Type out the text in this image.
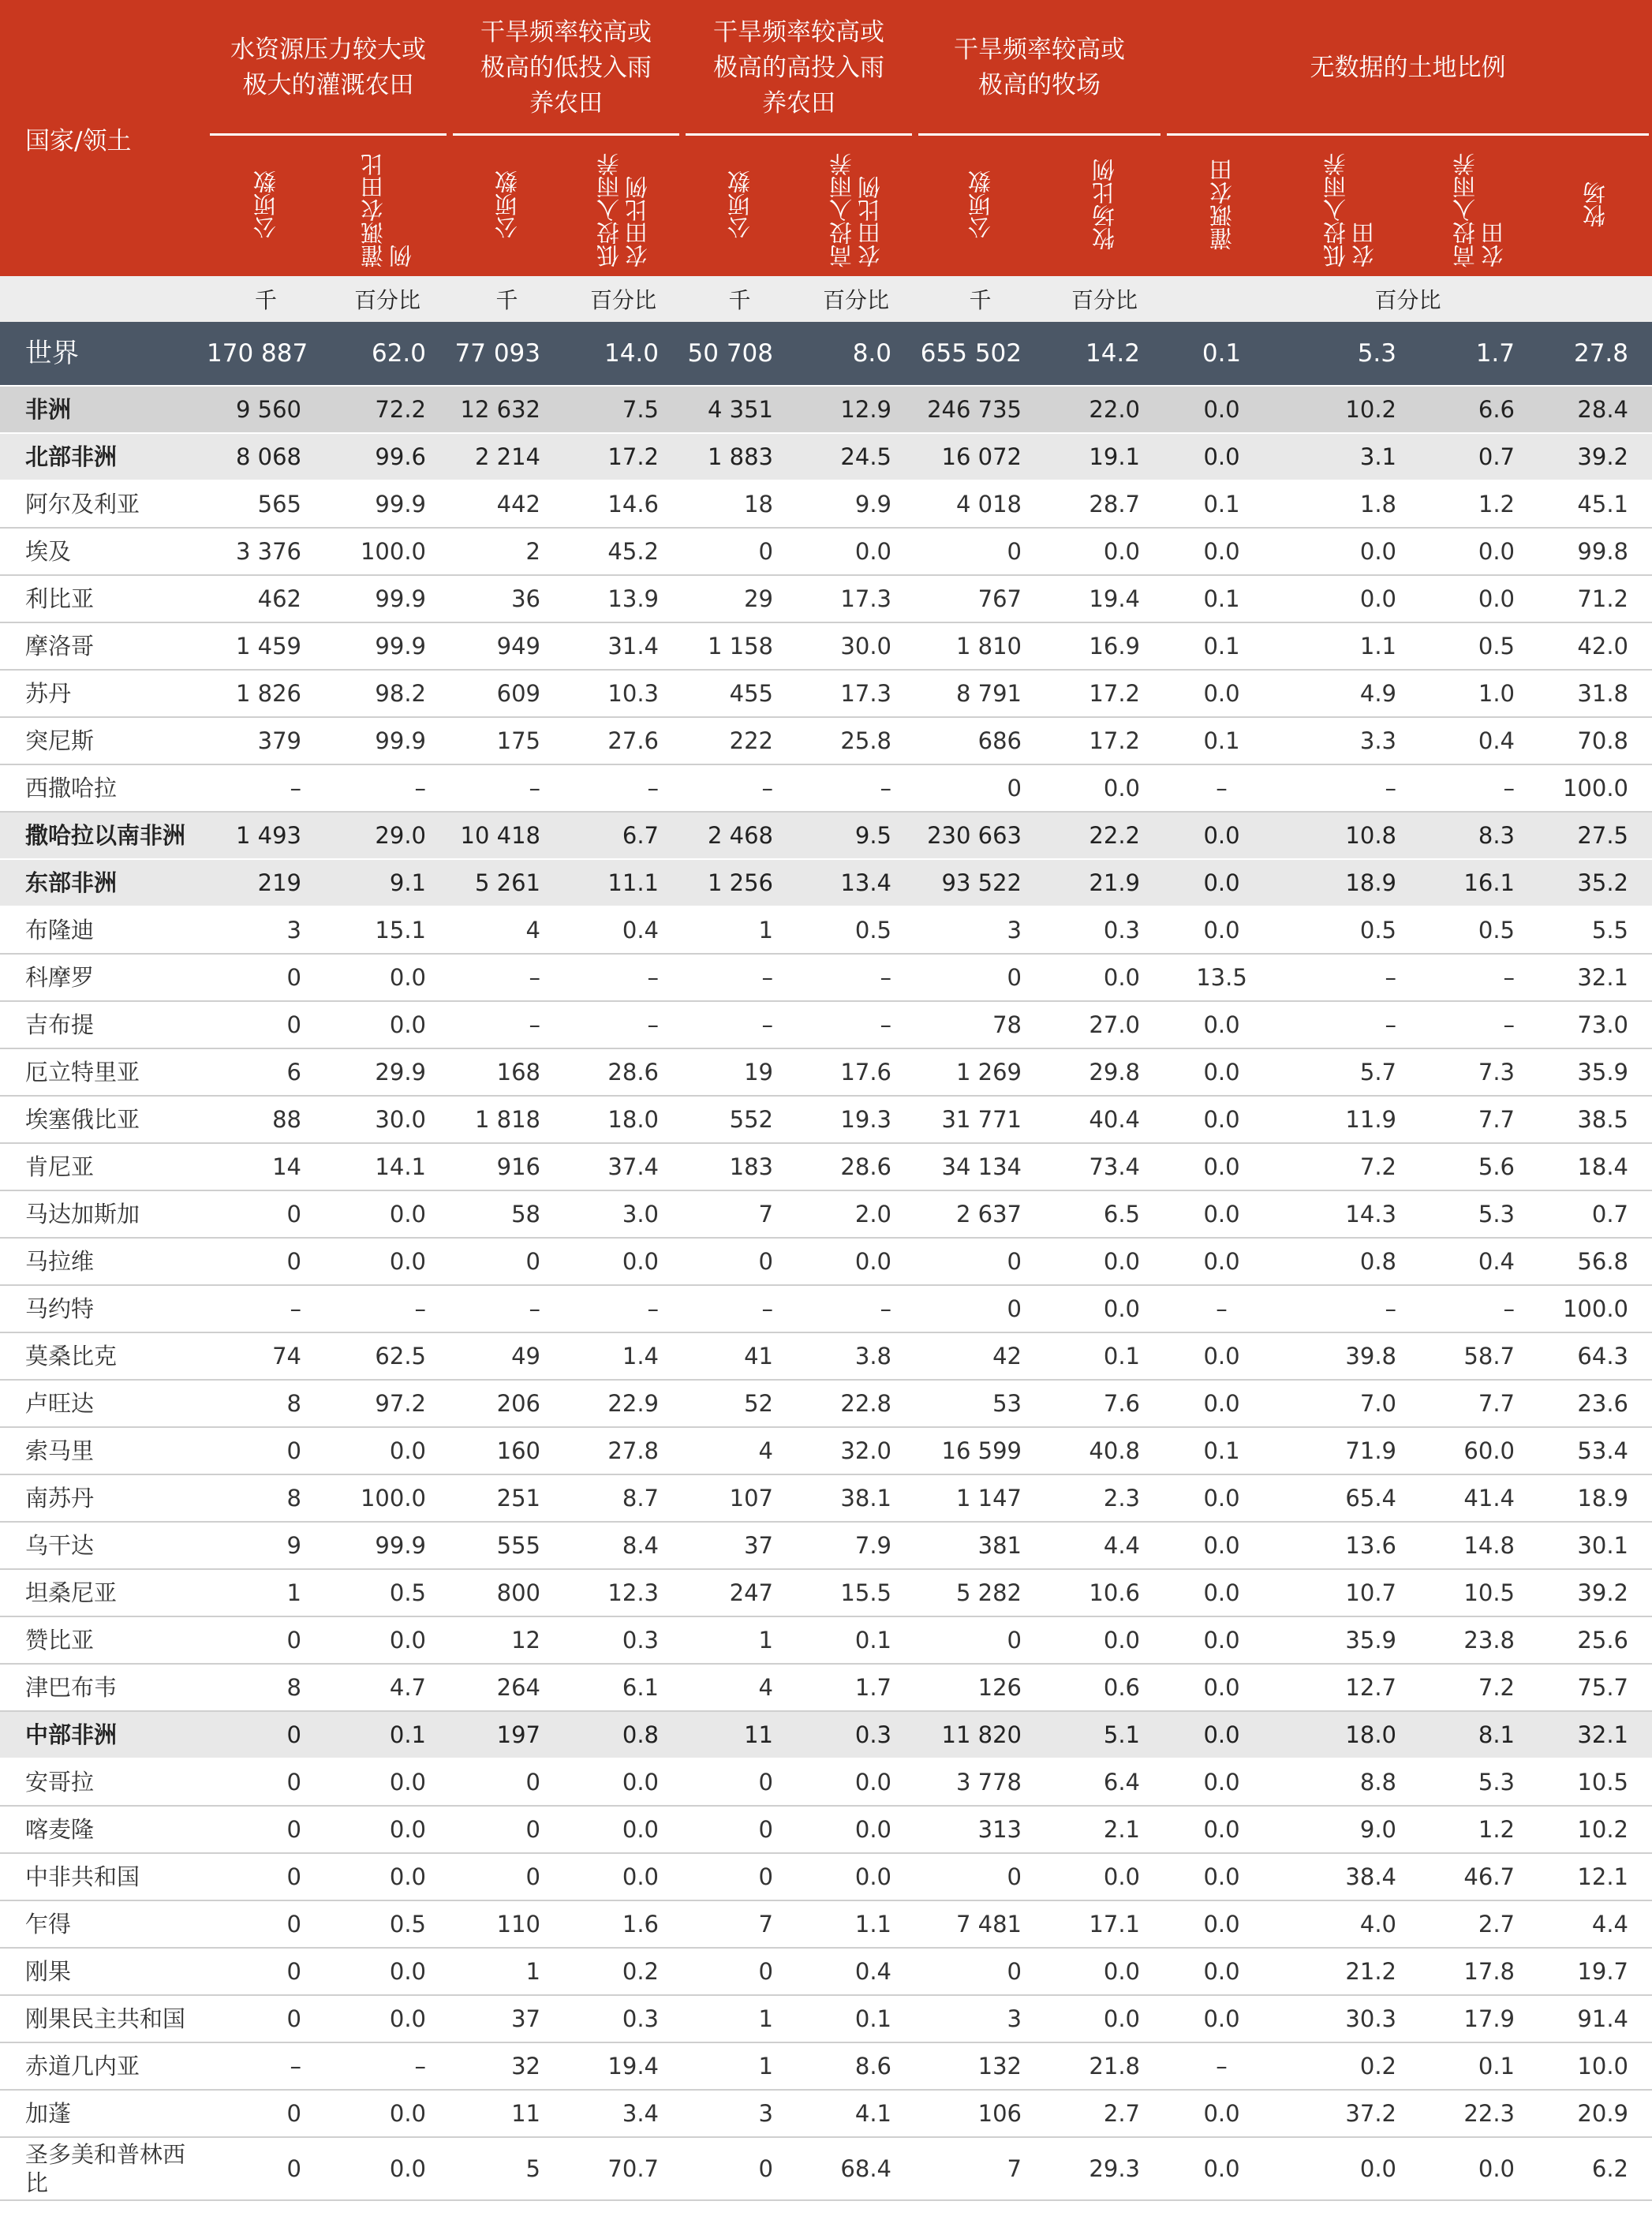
国家/领土	水资源压力较大或极大的灌溉农田		干旱频率较高或极高的低投入雨养农田		干旱频率较高或极高的高投入雨养农田		干旱频率较高或极高的牧场		无数据的土地比例			

	公顷数	灌溉农田比例	公顷数	低投入雨养农田比例	公顷数	高投入雨养农田比例	公顷数	牧场比例	灌溉农田	低投入雨养农田	高投入雨养农田	牧场
	千	百分比	千	百分比	千	百分比	千	百分比	百分比			
世界	170 887	62.0	77 093	14.0	50 708	8.0	655 502	14.2	0.1	5.3	1.7	27.8
非洲	9 560	72.2	12 632	7.5	4 351	12.9	246 735	22.0	0.0	10.2	6.6	28.4
北部非洲	8 068	99.6	2 214	17.2	1 883	24.5	16 072	19.1	0.0	3.1	0.7	39.2
阿尔及利亚	565	99.9	442	14.6	18	9.9	4 018	28.7	0.1	1.8	1.2	45.1
埃及	3 376	100.0	2	45.2	0	0.0	0	0.0	0.0	0.0	0.0	99.8
利比亚	462	99.9	36	13.9	29	17.3	767	19.4	0.1	0.0	0.0	71.2
摩洛哥	1 459	99.9	949	31.4	1 158	30.0	1 810	16.9	0.1	1.1	0.5	42.0
苏丹	1 826	98.2	609	10.3	455	17.3	8 791	17.2	0.0	4.9	1.0	31.8
突尼斯	379	99.9	175	27.6	222	25.8	686	17.2	0.1	3.3	0.4	70.8
西撒哈拉	–	–	–	–	–	–	0	0.0	–	–	–	100.0
撒哈拉以南非洲	1 493	29.0	10 418	6.7	2 468	9.5	230 663	22.2	0.0	10.8	8.3	27.5
东部非洲	219	9.1	5 261	11.1	1 256	13.4	93 522	21.9	0.0	18.9	16.1	35.2
布隆迪	3	15.1	4	0.4	1	0.5	3	0.3	0.0	0.5	0.5	5.5
科摩罗	0	0.0	–	–	–	–	0	0.0	13.5	–	–	32.1
吉布提	0	0.0	–	–	–	–	78	27.0	0.0	–	–	73.0
厄立特里亚	6	29.9	168	28.6	19	17.6	1 269	29.8	0.0	5.7	7.3	35.9
埃塞俄比亚	88	30.0	1 818	18.0	552	19.3	31 771	40.4	0.0	11.9	7.7	38.5
肯尼亚	14	14.1	916	37.4	183	28.6	34 134	73.4	0.0	7.2	5.6	18.4
马达加斯加	0	0.0	58	3.0	7	2.0	2 637	6.5	0.0	14.3	5.3	0.7
马拉维	0	0.0	0	0.0	0	0.0	0	0.0	0.0	0.8	0.4	56.8
马约特	–	–	–	–	–	–	0	0.0	–	–	–	100.0
莫桑比克	74	62.5	49	1.4	41	3.8	42	0.1	0.0	39.8	58.7	64.3
卢旺达	8	97.2	206	22.9	52	22.8	53	7.6	0.0	7.0	7.7	23.6
索马里	0	0.0	160	27.8	4	32.0	16 599	40.8	0.1	71.9	60.0	53.4
南苏丹	8	100.0	251	8.7	107	38.1	1 147	2.3	0.0	65.4	41.4	18.9
乌干达	9	99.9	555	8.4	37	7.9	381	4.4	0.0	13.6	14.8	30.1
坦桑尼亚	1	0.5	800	12.3	247	15.5	5 282	10.6	0.0	10.7	10.5	39.2
赞比亚	0	0.0	12	0.3	1	0.1	0	0.0	0.0	35.9	23.8	25.6
津巴布韦	8	4.7	264	6.1	4	1.7	126	0.6	0.0	12.7	7.2	75.7
中部非洲	0	0.1	197	0.8	11	0.3	11 820	5.1	0.0	18.0	8.1	32.1
安哥拉	0	0.0	0	0.0	0	0.0	3 778	6.4	0.0	8.8	5.3	10.5
喀麦隆	0	0.0	0	0.0	0	0.0	313	2.1	0.0	9.0	1.2	10.2
中非共和国	0	0.0	0	0.0	0	0.0	0	0.0	0.0	38.4	46.7	12.1
乍得	0	0.5	110	1.6	7	1.1	7 481	17.1	0.0	4.0	2.7	4.4
刚果	0	0.0	1	0.2	0	0.4	0	0.0	0.0	21.2	17.8	19.7
刚果民主共和国	0	0.0	37	0.3	1	0.1	3	0.0	0.0	30.3	17.9	91.4
赤道几内亚	–	–	32	19.4	1	8.6	132	21.8	–	0.2	0.1	10.0
加蓬	0	0.0	11	3.4	3	4.1	106	2.7	0.0	37.2	22.3	20.9
圣多美和普林西比	0	0.0	5	70.7	0	68.4	7	29.3	0.0	0.0	0.0	6.2
